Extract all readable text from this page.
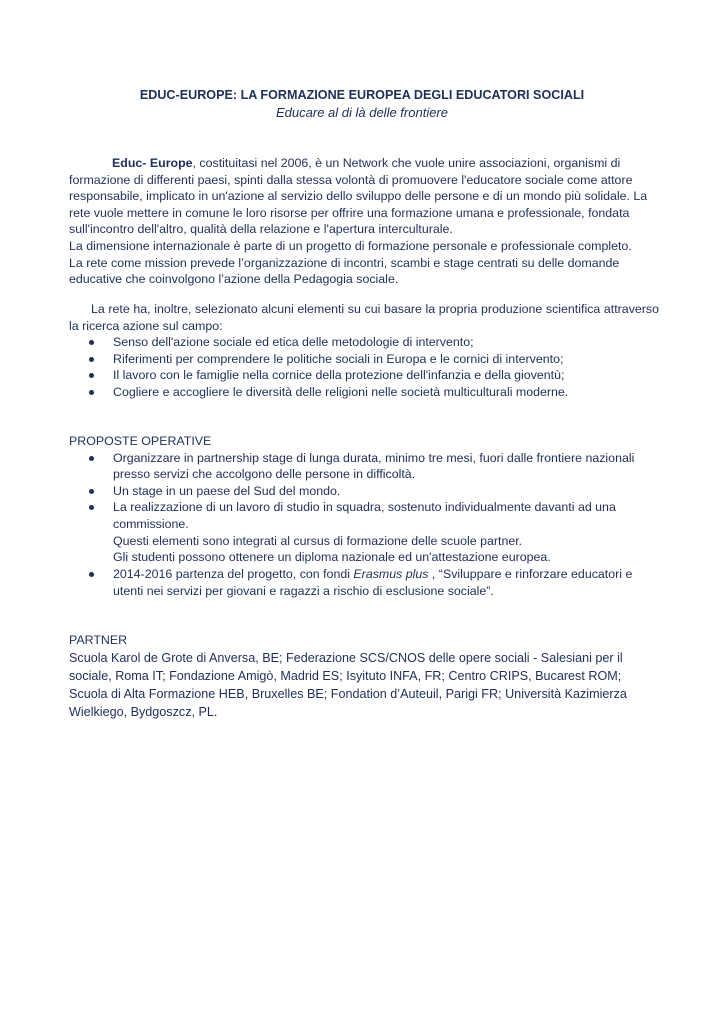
EDUC-EUROPE: LA FORMAZIONE EUROPEA DEGLI EDUCATORI SOCIALI
Educare al di là delle frontiere
Educ- Europe, costituitasi nel 2006, è un Network che vuole unire associazioni, organismi di formazione di differenti paesi, spinti dalla stessa volontà di promuovere l'educatore sociale come attore responsabile, implicato in un'azione al servizio dello sviluppo delle persone e di un mondo più solidale. La rete vuole mettere in comune le loro risorse per offrire una formazione umana e professionale, fondata sull'incontro dell'altro, qualità della relazione e l'apertura interculturale.
La dimensione internazionale è parte di un progetto di formazione personale e professionale completo.
La rete come mission prevede l’organizzazione di incontri, scambi e stage centrati su delle domande educative che coinvolgono l’azione della Pedagogia sociale.
La rete ha, inoltre, selezionato alcuni elementi su cui basare la propria produzione scientifica attraverso la ricerca azione sul campo:
Senso dell'azione sociale ed etica delle metodologie di intervento;
Riferimenti per comprendere le politiche sociali in Europa e le cornici di intervento;
Il lavoro con le famiglie nella cornice della protezione dell'infanzia e della gioventù;
Cogliere e accogliere le diversità delle religioni nelle società multiculturali moderne.
PROPOSTE OPERATIVE
Organizzare in partnership stage di lunga durata, minimo tre mesi, fuori dalle frontiere nazionali presso servizi che accolgono delle persone in difficoltà.
Un stage in un paese del Sud del mondo.
La realizzazione di un lavoro di studio in squadra, sostenuto individualmente davanti ad una commissione.
Questi elementi sono integrati al cursus di formazione delle scuole partner.
Gli studenti possono ottenere un diploma nazionale ed un'attestazione europea.
2014-2016 partenza del progetto, con fondi Erasmus plus , “Sviluppare e rinforzare educatori e utenti nei servizi per giovani e ragazzi a rischio di esclusione sociale”.
PARTNER
Scuola Karol de Grote di Anversa, BE; Federazione SCS/CNOS delle opere sociali - Salesiani per il sociale, Roma IT; Fondazione Amigò, Madrid ES; Isyituto INFA, FR; Centro CRIPS, Bucarest ROM; Scuola di Alta Formazione HEB, Bruxelles BE; Fondation d’Auteuil, Parigi FR; Università Kazimierza Wielkiego, Bydgoszcz, PL.
